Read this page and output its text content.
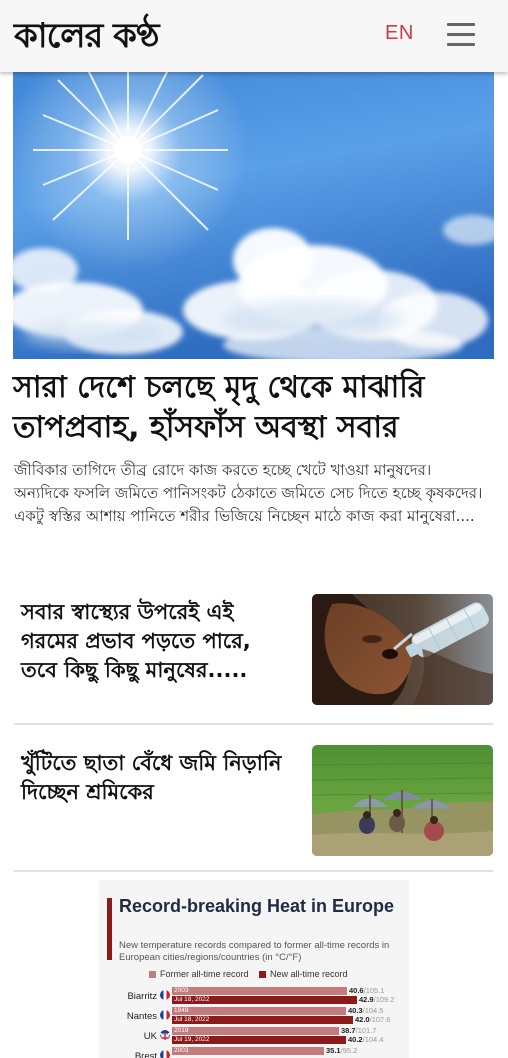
কালের কণ্ঠ	EN
সারা দেশে চলছে মৃদু থেকে মাঝারি তাপপ্রবাহ, হাঁসফাঁস অবস্থা সবার
জীবিকার তাগিদে তীব্র রোদে কাজ করতে হচ্ছে খেটে খাওয়া মানুষদের। অন্যদিকে ফসলি জমিতে পানিসংকট ঠেকাতে জমিতে সেচ দিতে হচ্ছে কৃষকদের। একটু স্বস্তির আশায় পানিতে শরীর ভিজিয়ে নিচ্ছেন মাঠে কাজ করা মানুষেরা....
সবার স্বাস্থ্যের উপরেই এই গরমের প্রভাব পড়তে পারে, তবে কিছু কিছু মানুষের.....
খুঁটিতে ছাতা বেঁধে জমি নিড়ানি দিচ্ছেন শ্রমিকের
Record-breaking Heat in Europe
New temperature records compared to former all-time records in European cities/regions/countries (in °C/°F)
Former all-time record New all-time record
Biarritz
2003	40.6/105.1
Jul 18, 2022	42.9/109.2
Nantes
1949	40.3/104.5
Jul 18, 2022	42.0/107.6
UK
2019	38.7/101.7
Jul 19, 2022	40.2/104.4
Brest
2003	35.1/95.2
